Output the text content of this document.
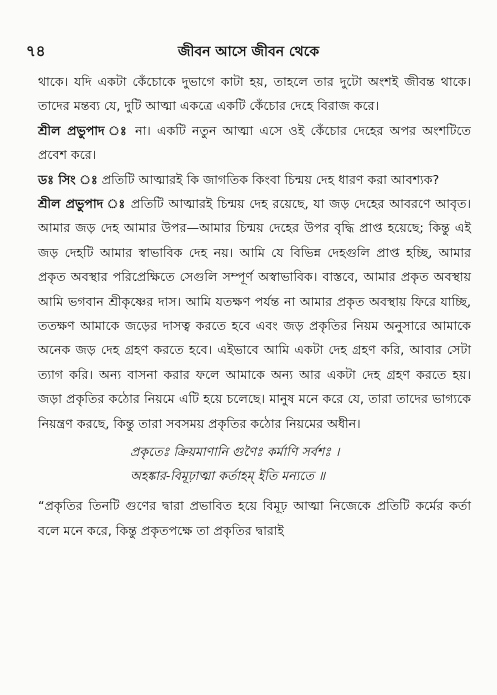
৭৪	জীবন আসে জীবন থেকে

থাকে। যদি একটা কেঁচোকে দুভাগে কাটা হয়, তাহলে তার দুটো অংশই জীবন্ত থাকে। তাদের মন্তব্য যে, দুটি আত্মা একত্রে একটি কেঁচোর দেহে বিরাজ করে।

শ্রীল প্রভুপাদ ঃ না। একটি নতুন আত্মা এসে ওই কেঁচোর দেহের অপর অংশটিতে প্রবেশ করে।

ডঃ সিং ঃ প্রতিটি আত্মারই কি জাগতিক কিংবা চিন্ময় দেহ ধারণ করা আবশ্যক?

শ্রীল প্রভুপাদ ঃ প্রতিটি আত্মারই চিন্ময় দেহ রয়েছে, যা জড় দেহের আবরণে আবৃত। আমার জড় দেহ আমার উপর—আমার চিন্ময় দেহের উপর বৃদ্ধি প্রাপ্ত হয়েছে; কিন্তু এই জড় দেহটি আমার স্বাভাবিক দেহ নয়। আমি যে বিভিন্ন দেহগুলি প্রাপ্ত হচ্ছি, আমার প্রকৃত অবস্থার পরিপ্রেক্ষিতে সেগুলি সম্পূর্ণ অস্বাভাবিক। বাস্তবে, আমার প্রকৃত অবস্থায় আমি ভগবান শ্রীকৃষ্ণের দাস। আমি যতক্ষণ পর্যন্ত না আমার প্রকৃত অবস্থায় ফিরে যাচ্ছি, ততক্ষণ আমাকে জড়ের দাসত্ব করতে হবে এবং জড় প্রকৃতির নিয়ম অনুসারে আমাকে অনেক জড় দেহ গ্রহণ করতে হবে। এইভাবে আমি একটা দেহ গ্রহণ করি, আবার সেটা ত্যাগ করি। অন্য বাসনা করার ফলে আমাকে অন্য আর একটা দেহ গ্রহণ করতে হয়। জড়া প্রকৃতির কঠোর নিয়মে এটি হয়ে চলেছে। মানুষ মনে করে যে, তারা তাদের ভাগ্যকে নিয়ন্ত্রণ করছে, কিন্তু তারা সবসময় প্রকৃতির কঠোর নিয়মের অধীন।

প্রকৃতেঃ ক্রিয়মাণানি গুণৈঃ কর্মাণি সর্বশঃ ।
অহঙ্কার-বিমূঢ়াত্মা কর্তাহম্‌ ইতি মন্যতে ॥

“প্রকৃতির তিনটি গুণের দ্বারা প্রভাবিত হয়ে বিমূঢ় আত্মা নিজেকে প্রতিটি কর্মের কর্তা বলে মনে করে, কিন্তু প্রকৃতপক্ষে তা প্রকৃতির দ্বারাই
